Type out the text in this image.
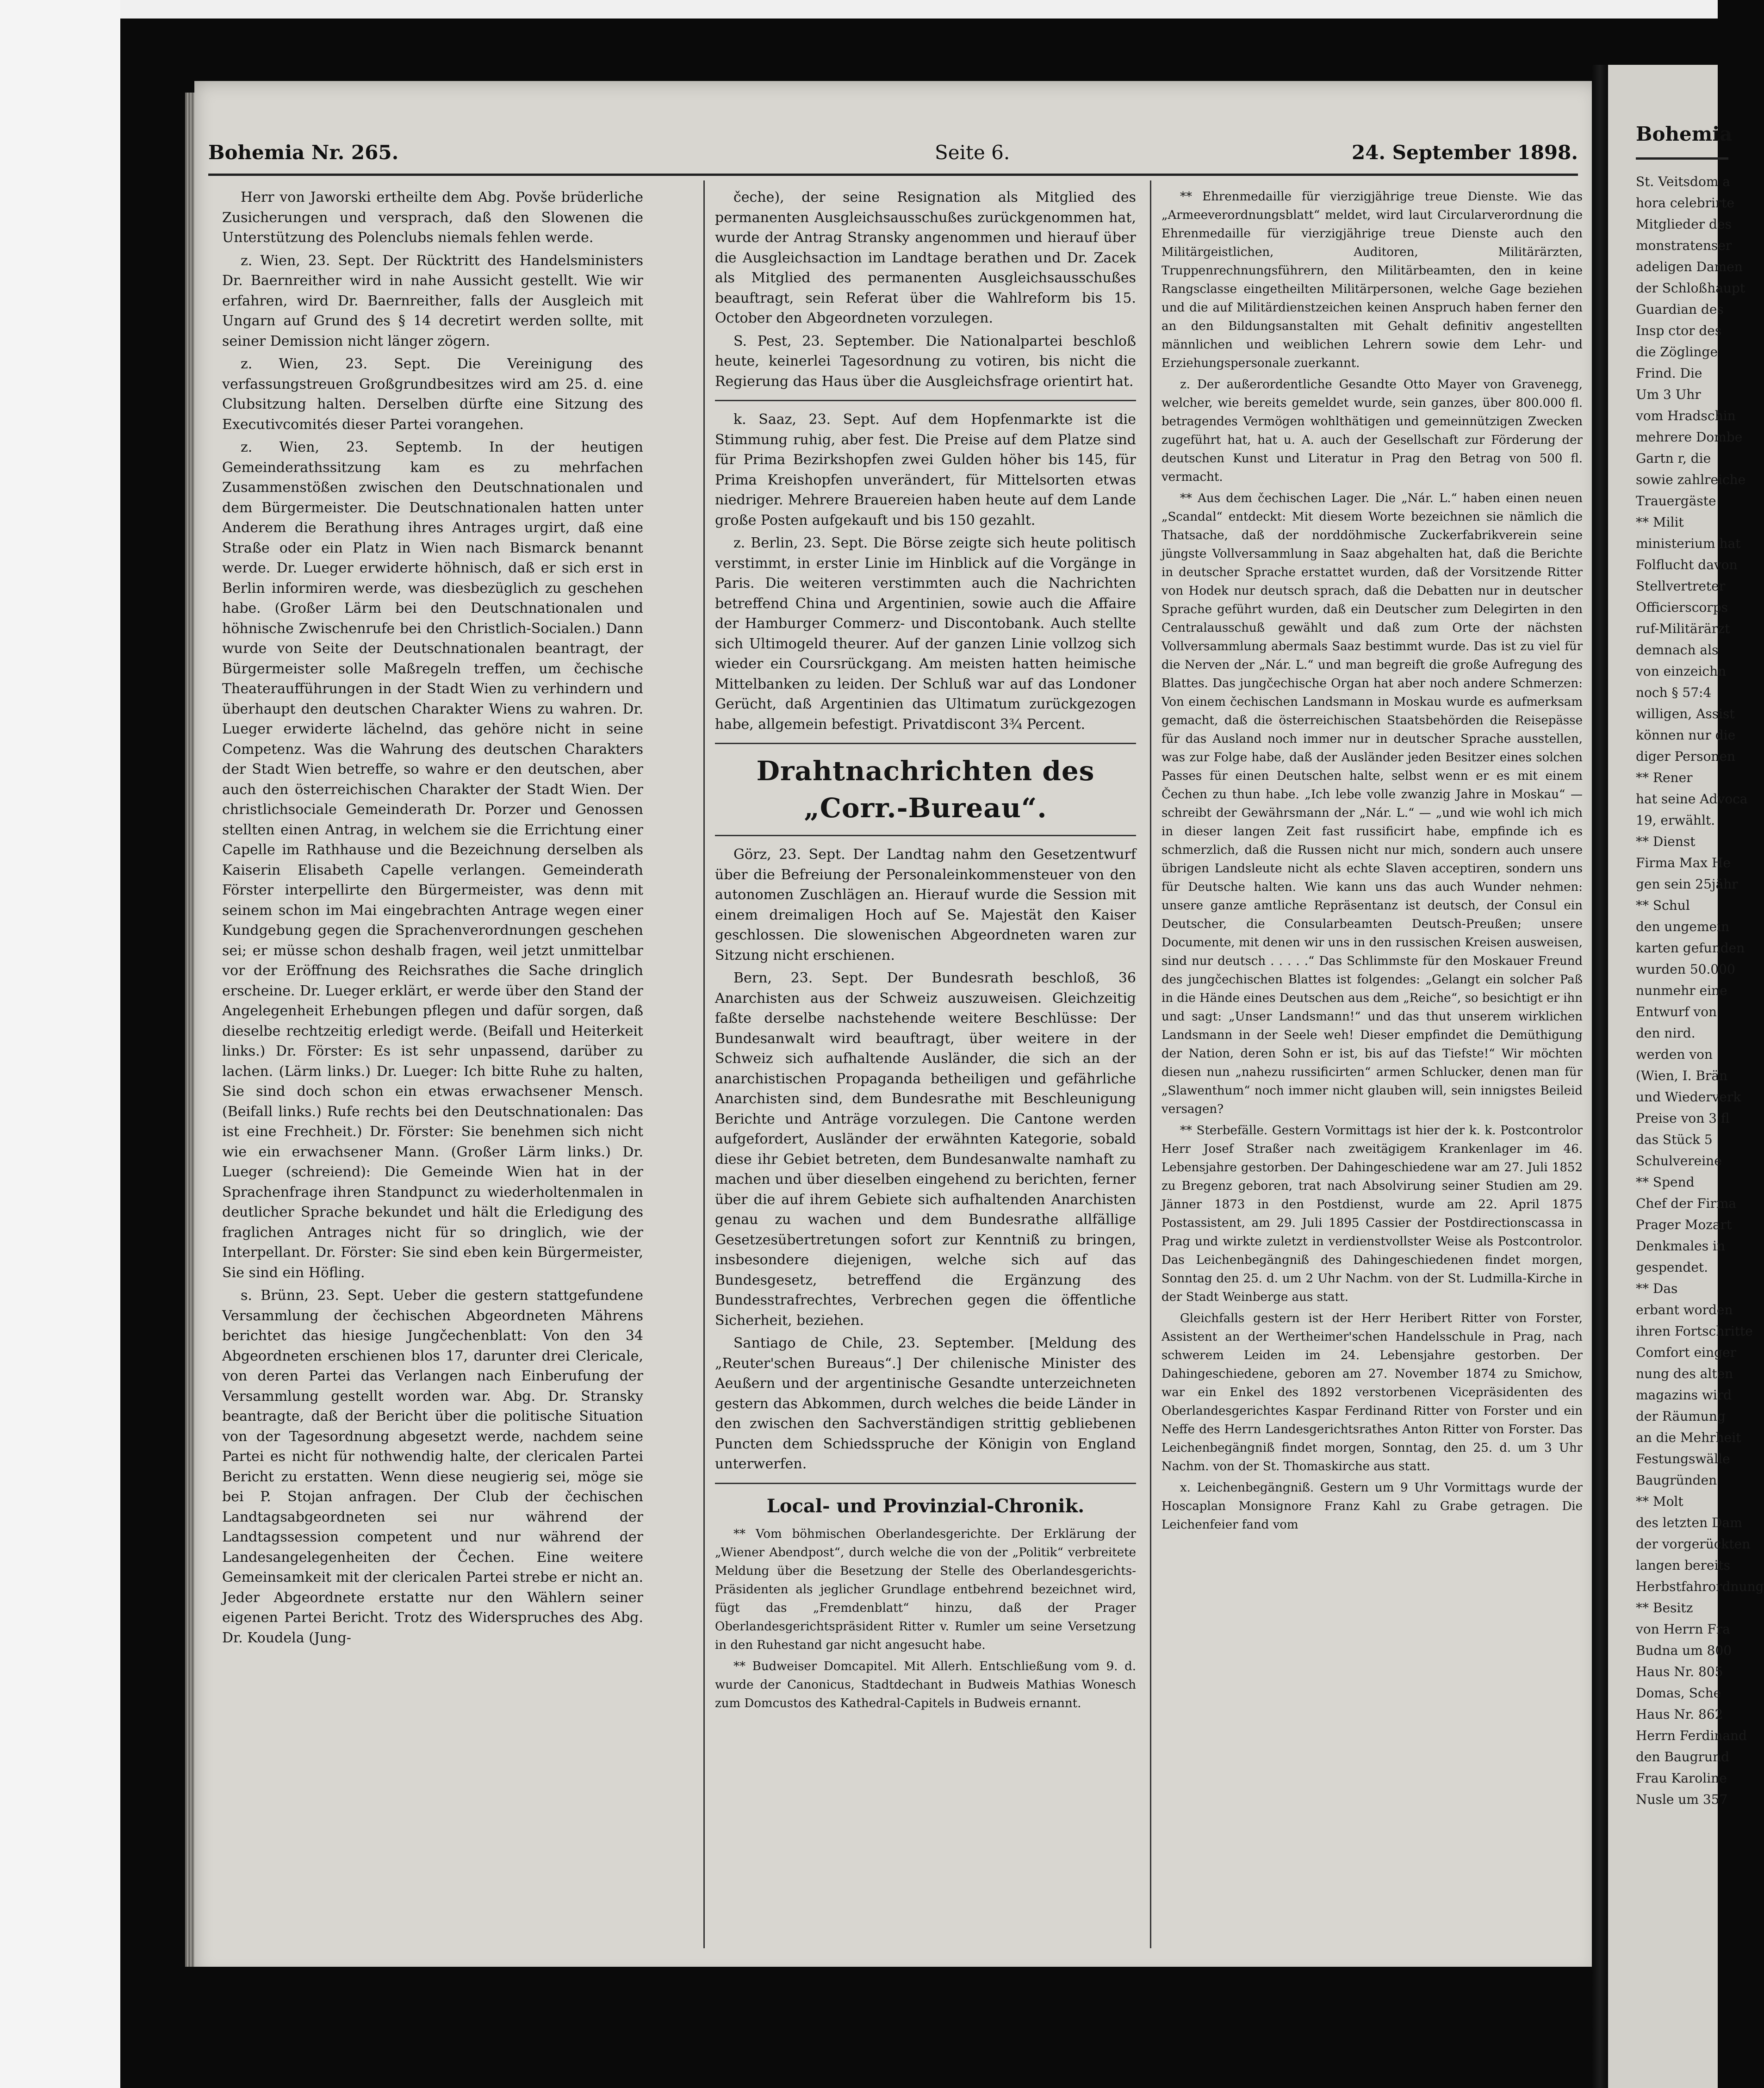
Bohemia Nr. 265.	Seite 6.	24. September 1898.

Herr von Jaworski ertheilte dem Abg. Povše brüderliche Zusicherungen und versprach, daß den Slowenen die Unterstützung des Polenclubs niemals fehlen werde.

z. Wien, 23. Sept. Der Rücktritt des Handelsministers Dr. Baernreither wird in nahe Aussicht gestellt. Wie wir erfahren, wird Dr. Baernreither, falls der Ausgleich mit Ungarn auf Grund des § 14 decretirt werden sollte, mit seiner Demission nicht länger zögern.

z. Wien, 23. Sept. Die Vereinigung des verfassungstreuen Großgrundbesitzes wird am 25. d. eine Clubsitzung halten. Derselben dürfte eine Sitzung des Executivcomités dieser Partei vorangehen.

z. Wien, 23. Septemb. In der heutigen Gemeinderathssitzung kam es zu mehrfachen Zusammenstößen zwischen den Deutschnationalen und dem Bürgermeister. Die Deutschnationalen hatten unter Anderem die Berathung ihres Antrages urgirt, daß eine Straße oder ein Platz in Wien nach Bismarck benannt werde. Dr. Lueger erwiderte höhnisch, daß er sich erst in Berlin informiren werde, was diesbezüglich zu geschehen habe. (Großer Lärm bei den Deutschnationalen und höhnische Zwischenrufe bei den Christlich-Socialen.) Dann wurde von Seite der Deutschnationalen beantragt, der Bürgermeister solle Maßregeln treffen, um čechische Theateraufführungen in der Stadt Wien zu verhindern und überhaupt den deutschen Charakter Wiens zu wahren. Dr. Lueger erwiderte lächelnd, das gehöre nicht in seine Competenz. Was die Wahrung des deutschen Charakters der Stadt Wien betreffe, so wahre er den deutschen, aber auch den österreichischen Charakter der Stadt Wien. Der christlichsociale Gemeinderath Dr. Porzer und Genossen stellten einen Antrag, in welchem sie die Errichtung einer Capelle im Rathhause und die Bezeichnung derselben als Kaiserin Elisabeth Capelle verlangen. Gemeinderath Förster interpellirte den Bürgermeister, was denn mit seinem schon im Mai eingebrachten Antrage wegen einer Kundgebung gegen die Sprachenverordnungen geschehen sei; er müsse schon deshalb fragen, weil jetzt unmittelbar vor der Eröffnung des Reichsrathes die Sache dringlich erscheine. Dr. Lueger erklärt, er werde über den Stand der Angelegenheit Erhebungen pflegen und dafür sorgen, daß dieselbe rechtzeitig erledigt werde. (Beifall und Heiterkeit links.) Dr. Förster: Es ist sehr unpassend, darüber zu lachen. (Lärm links.) Dr. Lueger: Ich bitte Ruhe zu halten, Sie sind doch schon ein etwas erwachsener Mensch. (Beifall links.) Rufe rechts bei den Deutschnationalen: Das ist eine Frechheit.) Dr. Förster: Sie benehmen sich nicht wie ein erwachsener Mann. (Großer Lärm links.) Dr. Lueger (schreiend): Die Gemeinde Wien hat in der Sprachenfrage ihren Standpunct zu wiederholtenmalen in deutlicher Sprache bekundet und hält die Erledigung des fraglichen Antrages nicht für so dringlich, wie der Interpellant. Dr. Förster: Sie sind eben kein Bürgermeister, Sie sind ein Höfling.

s. Brünn, 23. Sept. Ueber die gestern stattgefundene Versammlung der čechischen Abgeordneten Mährens berichtet das hiesige Jungčechenblatt: Von den 34 Abgeordneten erschienen blos 17, darunter drei Clericale, von deren Partei das Verlangen nach Einberufung der Versammlung gestellt worden war. Abg. Dr. Stransky beantragte, daß der Bericht über die politische Situation von der Tagesordnung abgesetzt werde, nachdem seine Partei es nicht für nothwendig halte, der clericalen Partei Bericht zu erstatten. Wenn diese neugierig sei, möge sie bei P. Stojan anfragen. Der Club der čechischen Landtagsabgeordneten sei nur während der Landtagssession competent und nur während der Landesangelegenheiten der Čechen. Eine weitere Gemeinsamkeit mit der clericalen Partei strebe er nicht an. Jeder Abgeordnete erstatte nur den Wählern seiner eigenen Partei Bericht. Trotz des Widerspruches des Abg. Dr. Koudela (Jung-

čeche), der seine Resignation als Mitglied des permanenten Ausgleichsausschußes zurückgenommen hat, wurde der Antrag Stransky angenommen und hierauf über die Ausgleichsaction im Landtage berathen und Dr. Zacek als Mitglied des permanenten Ausgleichsausschußes beauftragt, sein Referat über die Wahlreform bis 15. October den Abgeordneten vorzulegen.

S. Pest, 23. September. Die Nationalpartei beschloß heute, keinerlei Tagesordnung zu votiren, bis nicht die Regierung das Haus über die Ausgleichsfrage orientirt hat.

k. Saaz, 23. Sept. Auf dem Hopfenmarkte ist die Stimmung ruhig, aber fest. Die Preise auf dem Platze sind für Prima Bezirkshopfen zwei Gulden höher bis 145, für Prima Kreishopfen unverändert, für Mittelsorten etwas niedriger. Mehrere Brauereien haben heute auf dem Lande große Posten aufgekauft und bis 150 gezahlt.

z. Berlin, 23. Sept. Die Börse zeigte sich heute politisch verstimmt, in erster Linie im Hinblick auf die Vorgänge in Paris. Die weiteren verstimmten auch die Nachrichten betreffend China und Argentinien, sowie auch die Affaire der Hamburger Commerz- und Discontobank. Auch stellte sich Ultimogeld theurer. Auf der ganzen Linie vollzog sich wieder ein Coursrückgang. Am meisten hatten heimische Mittelbanken zu leiden. Der Schluß war auf das Londoner Gerücht, daß Argentinien das Ultimatum zurückgezogen habe, allgemein befestigt. Privatdiscont 3¾ Percent.

Drahtnachrichten des „Corr.-Bureau“.

Görz, 23. Sept. Der Landtag nahm den Gesetzentwurf über die Befreiung der Personaleinkommensteuer von den autonomen Zuschlägen an. Hierauf wurde die Session mit einem dreimaligen Hoch auf Se. Majestät den Kaiser geschlossen. Die slowenischen Abgeordneten waren zur Sitzung nicht erschienen.

Bern, 23. Sept. Der Bundesrath beschloß, 36 Anarchisten aus der Schweiz auszuweisen. Gleichzeitig faßte derselbe nachstehende weitere Beschlüsse: Der Bundesanwalt wird beauftragt, über weitere in der Schweiz sich aufhaltende Ausländer, die sich an der anarchistischen Propaganda betheiligen und gefährliche Anarchisten sind, dem Bundesrathe mit Beschleunigung Berichte und Anträge vorzulegen. Die Cantone werden aufgefordert, Ausländer der erwähnten Kategorie, sobald diese ihr Gebiet betreten, dem Bundesanwalte namhaft zu machen und über dieselben eingehend zu berichten, ferner über die auf ihrem Gebiete sich aufhaltenden Anarchisten genau zu wachen und dem Bundesrathe allfällige Gesetzesübertretungen sofort zur Kenntniß zu bringen, insbesondere diejenigen, welche sich auf das Bundesgesetz, betreffend die Ergänzung des Bundesstrafrechtes, Verbrechen gegen die öffentliche Sicherheit, beziehen.

Santiago de Chile, 23. September. [Meldung des „Reuter'schen Bureaus“.] Der chilenische Minister des Aeußern und der argentinische Gesandte unterzeichneten gestern das Abkommen, durch welches die beide Länder in den zwischen den Sachverständigen strittig gebliebenen Puncten dem Schiedsspruche der Königin von England unterwerfen.

Local- und Provinzial-Chronik.

** Vom böhmischen Oberlandesgerichte. Der Erklärung der „Wiener Abendpost“, durch welche die von der „Politik“ verbreitete Meldung über die Besetzung der Stelle des Oberlandesgerichts-Präsidenten als jeglicher Grundlage entbehrend bezeichnet wird, fügt das „Fremdenblatt“ hinzu, daß der Prager Oberlandesgerichtspräsident Ritter v. Rumler um seine Versetzung in den Ruhestand gar nicht angesucht habe.

** Budweiser Domcapitel. Mit Allerh. Entschließung vom 9. d. wurde der Canonicus, Stadtdechant in Budweis Mathias Wonesch zum Domcustos des Kathedral-Capitels in Budweis ernannt.

** Ehrenmedaille für vierzigjährige treue Dienste. Wie das „Armeeverordnungsblatt“ meldet, wird laut Circularverordnung die Ehrenmedaille für vierzigjährige treue Dienste auch den Militärgeistlichen, Auditoren, Militärärzten, Truppenrechnungsführern, den Militärbeamten, den in keine Rangsclasse eingetheilten Militärpersonen, welche Gage beziehen und die auf Militärdienstzeichen keinen Anspruch haben ferner den an den Bildungsanstalten mit Gehalt definitiv angestellten männlichen und weiblichen Lehrern sowie dem Lehr- und Erziehungspersonale zuerkannt.

z. Der außerordentliche Gesandte Otto Mayer von Gravenegg, welcher, wie bereits gemeldet wurde, sein ganzes, über 800.000 fl. betragendes Vermögen wohlthätigen und gemeinnützigen Zwecken zugeführt hat, hat u. A. auch der Gesellschaft zur Förderung der deutschen Kunst und Literatur in Prag den Betrag von 500 fl. vermacht.

** Aus dem čechischen Lager. Die „Nár. L.“ haben einen neuen „Scandal“ entdeckt: Mit diesem Worte bezeichnen sie nämlich die Thatsache, daß der norddöhmische Zuckerfabrikverein seine jüngste Vollversammlung in Saaz abgehalten hat, daß die Berichte in deutscher Sprache erstattet wurden, daß der Vorsitzende Ritter von Hodek nur deutsch sprach, daß die Debatten nur in deutscher Sprache geführt wurden, daß ein Deutscher zum Delegirten in den Centralausschuß gewählt und daß zum Orte der nächsten Vollversammlung abermals Saaz bestimmt wurde. Das ist zu viel für die Nerven der „Nár. L.“ und man begreift die große Aufregung des Blattes. Das jungčechische Organ hat aber noch andere Schmerzen: Von einem čechischen Landsmann in Moskau wurde es aufmerksam gemacht, daß die österreichischen Staatsbehörden die Reisepässe für das Ausland noch immer nur in deutscher Sprache ausstellen, was zur Folge habe, daß der Ausländer jeden Besitzer eines solchen Passes für einen Deutschen halte, selbst wenn er es mit einem Čechen zu thun habe. „Ich lebe volle zwanzig Jahre in Moskau“ — schreibt der Gewährsmann der „Nár. L.“ — „und wie wohl ich mich in dieser langen Zeit fast russificirt habe, empfinde ich es schmerzlich, daß die Russen nicht nur mich, sondern auch unsere übrigen Landsleute nicht als echte Slaven acceptiren, sondern uns für Deutsche halten. Wie kann uns das auch Wunder nehmen: unsere ganze amtliche Repräsentanz ist deutsch, der Consul ein Deutscher, die Consularbeamten Deutsch-Preußen; unsere Documente, mit denen wir uns in den russischen Kreisen ausweisen, sind nur deutsch . . . . .“ Das Schlimmste für den Moskauer Freund des jungčechischen Blattes ist folgendes: „Gelangt ein solcher Paß in die Hände eines Deutschen aus dem „Reiche“, so besichtigt er ihn und sagt: „Unser Landsmann!“ und das thut unserem wirklichen Landsmann in der Seele weh! Dieser empfindet die Demüthigung der Nation, deren Sohn er ist, bis auf das Tiefste!“ Wir möchten diesen nun „nahezu russificirten“ armen Schlucker, denen man für „Slawenthum“ noch immer nicht glauben will, sein innigstes Beileid versagen?

** Sterbefälle. Gestern Vormittags ist hier der k. k. Postcontrolor Herr Josef Straßer nach zweitägigem Krankenlager im 46. Lebensjahre gestorben. Der Dahingeschiedene war am 27. Juli 1852 zu Bregenz geboren, trat nach Absolvirung seiner Studien am 29. Jänner 1873 in den Postdienst, wurde am 22. April 1875 Postassistent, am 29. Juli 1895 Cassier der Postdirectionscassa in Prag und wirkte zuletzt in verdienstvollster Weise als Postcontrolor. Das Leichenbegängniß des Dahingeschiedenen findet morgen, Sonntag den 25. d. um 2 Uhr Nachm. von der St. Ludmilla-Kirche in der Stadt Weinberge aus statt.

Gleichfalls gestern ist der Herr Heribert Ritter von Forster, Assistent an der Wertheimer'schen Handelsschule in Prag, nach schwerem Leiden im 24. Lebensjahre gestorben. Der Dahingeschiedene, geboren am 27. November 1874 zu Smichow, war ein Enkel des 1892 verstorbenen Vicepräsidenten des Oberlandesgerichtes Kaspar Ferdinand Ritter von Forster und ein Neffe des Herrn Landesgerichtsrathes Anton Ritter von Forster. Das Leichenbegängniß findet morgen, Sonntag, den 25. d. um 3 Uhr Nachm. von der St. Thomaskirche aus statt.

x. Leichenbegängniß. Gestern um 9 Uhr Vormittags wurde der Hoscaplan Monsignore Franz Kahl zu Grabe getragen. Die Leichenfeier fand vom

Bohemia
St. Veitsdom a
hora celebrirte
Mitglieder des
monstratenser
adeligen Damen
der Schloßhaupt
Guardian des
Insp ctor des
die Zöglinge
Frind. Die
Um 3 Uhr
vom Hradschin
mehrere Dombe
Gartn r, die
sowie zahlreiche
Trauergäste
** Milit
ministerium hat
Folflucht davon
Stellvertreter
Officierscorps
ruf-Militärärzt
demnach als
von einzeichn
noch § 57:4
willigen, Assist
können nur die
diger Personen
** Rener
hat seine Advoca
19, erwählt.
** Dienst
Firma Max He
gen sein 25jähr
** Schul
den ungemein
karten gefunden
wurden 50.000
nunmehr eine
Entwurf von
den nird.
werden von
(Wien, I. Brän
und Wiederverk
Preise von 3 fl
das Stück 5
Schulvereine
** Spend
Chef der Firma
Prager Mozart
Denkmales in
gespendet.
** Das
erbant worden
ihren Fortschritte
Comfort einger
nung des alten
magazins wird
der Räumung
an die Mehrheit
Festungswälle
Baugründen
** Molt
des letzten Dam
der vorgerückten
langen bereits
Herbstfahrordnung
** Besitz
von Herrn Fra
Budna um 800
Haus Nr. 805
Domas, Sche
Haus Nr. 862
Herrn Ferdinand
den Baugrund
Frau Karoline
Nusle um 357
